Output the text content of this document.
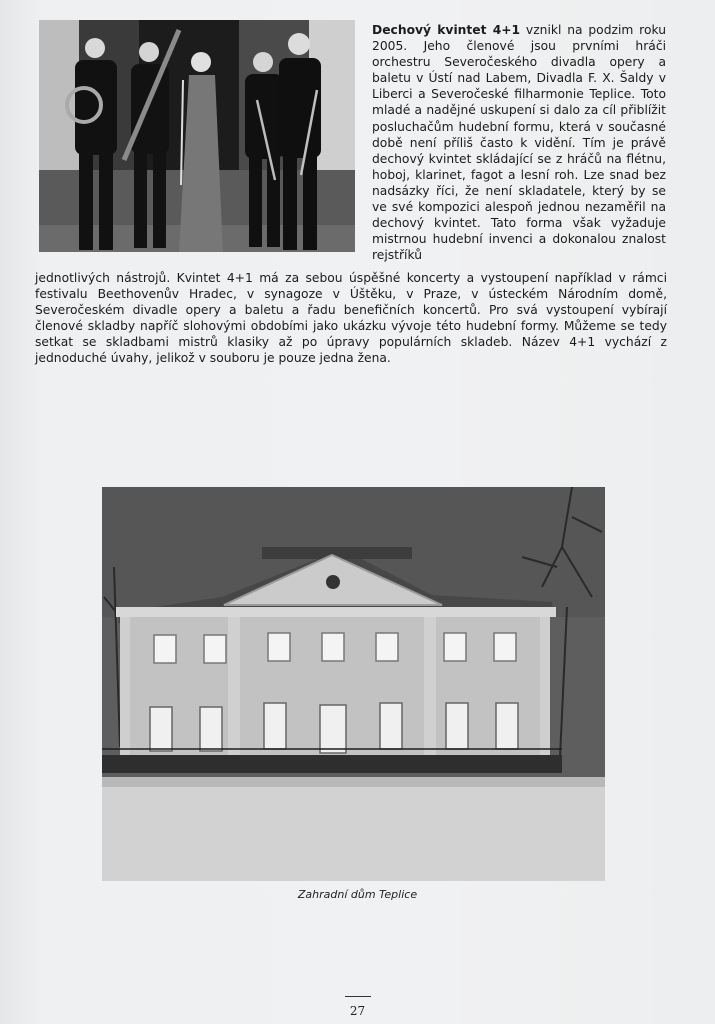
Dechový kvintet 4+1 vznikl na podzim roku 2005. Jeho členové jsou prvními hráči orchestru Severočeského divadla opery a baletu v Ústí nad Labem, Divadla F. X. Šaldy v Liberci a Severočeské filharmonie Teplice. Toto mladé a nadějné uskupení si dalo za cíl přiblížit posluchačům hudební formu, která v současné době není příliš často k vidění. Tím je právě dechový kvintet skládající se z hráčů na flétnu, hoboj, klarinet, fagot a lesní roh. Lze snad bez nadsázky říci, že není skladatele, který by se ve své kompozici alespoň jednou nezaměřil na dechový kvintet. Tato forma však vyžaduje mistrnou hudební invenci a dokonalou znalost rejstříků
jednotlivých nástrojů. Kvintet 4+1 má za sebou úspěšné koncerty a vystoupení například v rámci festivalu Beethovenův Hradec, v synagoze v Úštěku, v Praze, v ústeckém Národním domě, Severočeském divadle opery a baletu a řadu benefičních koncertů. Pro svá vystoupení vybírají členové skladby napříč slohovými obdobími jako ukázku vývoje této hudební formy. Můžeme se tedy setkat se skladbami mistrů klasiky až po úpravy populárních skladeb. Název 4+1 vychází z jednoduché úvahy, jelikož v souboru je pouze jedna žena.
Zahradní dům Teplice
27
